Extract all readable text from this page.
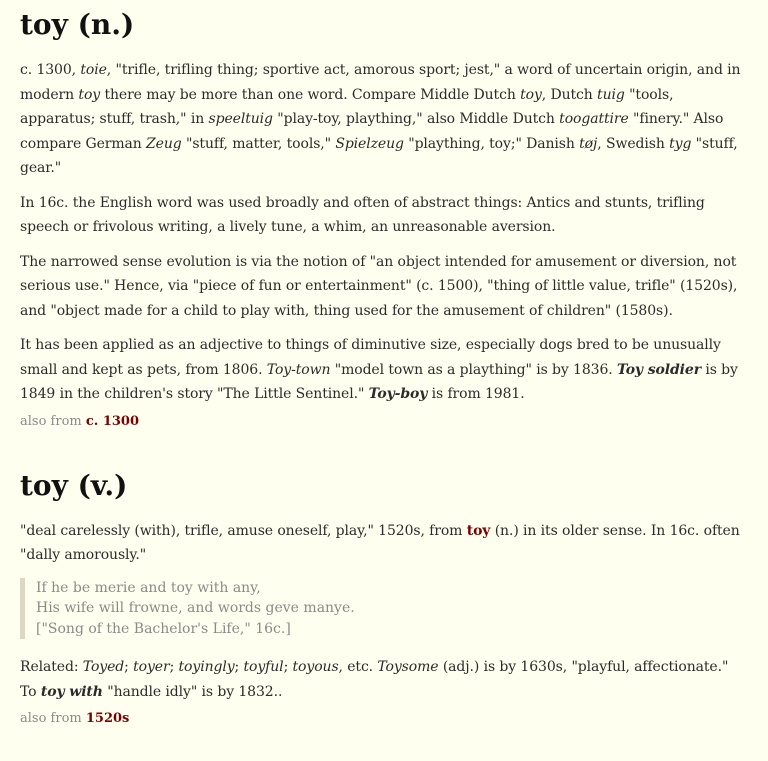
toy (n.)

c. 1300, toie, "trifle, trifling thing; sportive act, amorous sport; jest," a word of uncertain origin, and in modern toy there may be more than one word. Compare Middle Dutch toy, Dutch tuig "tools, apparatus; stuff, trash," in speeltuig "play-toy, plaything," also Middle Dutch toogattire "finery." Also compare German Zeug "stuff, matter, tools," Spielzeug "plaything, toy;" Danish tøj, Swedish tyg "stuff, gear."

In 16c. the English word was used broadly and often of abstract things: Antics and stunts, trifling speech or frivolous writing, a lively tune, a whim, an unreasonable aversion.

The narrowed sense evolution is via the notion of "an object intended for amusement or diversion, not serious use." Hence, via "piece of fun or entertainment" (c. 1500), "thing of little value, trifle" (1520s), and "object made for a child to play with, thing used for the amusement of children" (1580s).

It has been applied as an adjective to things of diminutive size, especially dogs bred to be unusually small and kept as pets, from 1806. Toy-town "model town as a plaything" is by 1836. Toy soldier is by 1849 in the children's story "The Little Sentinel." Toy-boy is from 1981.

also from c. 1300
toy (v.)

"deal carelessly (with), trifle, amuse oneself, play," 1520s, from toy (n.) in its older sense. In 16c. often "dally amorously."

If he be merie and toy with any,
His wife will frowne, and words geve manye.
["Song of the Bachelor's Life," 16c.]

Related: Toyed; toyer; toyingly; toyful; toyous, etc. Toysome (adj.) is by 1630s, "playful, affectionate." To toy with "handle idly" is by 1832..

also from 1520s
